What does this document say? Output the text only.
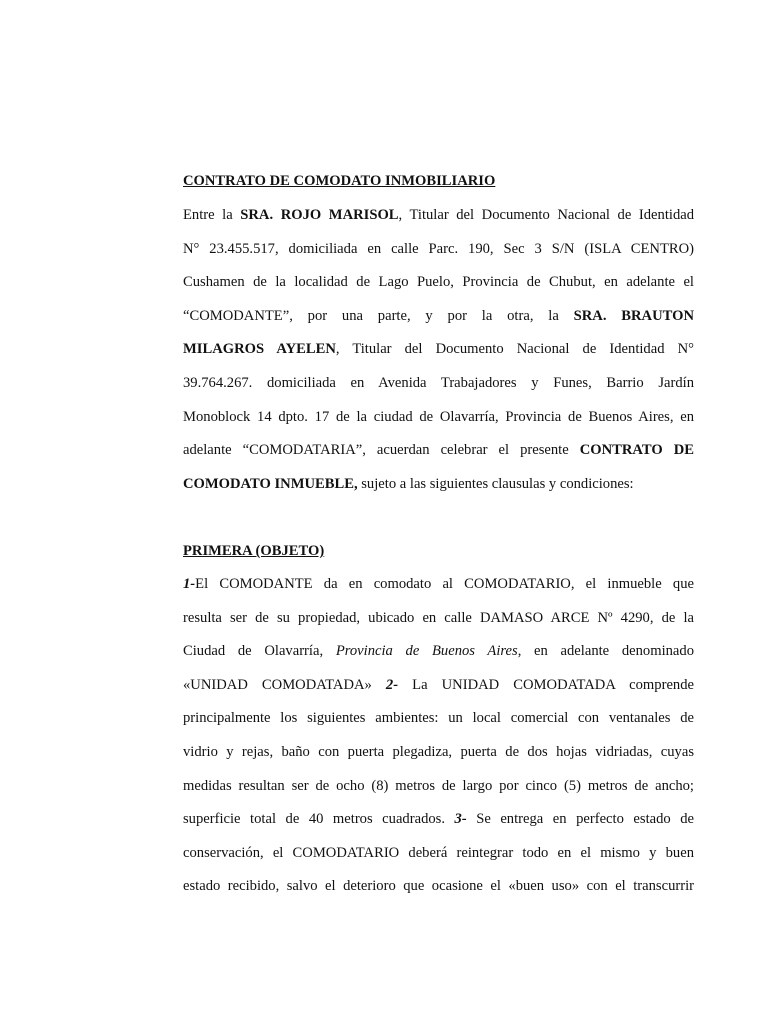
CONTRATO DE COMODATO INMOBILIARIO
Entre la SRA. ROJO MARISOL, Titular del Documento Nacional de Identidad
N° 23.455.517, domiciliada en calle Parc. 190, Sec 3 S/N (ISLA CENTRO)
Cushamen de la localidad de Lago Puelo, Provincia de Chubut, en adelante el
“COMODANTE”, por una parte, y por la otra, la SRA. BRAUTON
MILAGROS AYELEN, Titular del Documento Nacional de Identidad N°
39.764.267. domiciliada en Avenida Trabajadores y Funes, Barrio Jardín
Monoblock 14 dpto. 17 de la ciudad de Olavarría, Provincia de Buenos Aires, en
adelante “COMODATARIA”, acuerdan celebrar el presente CONTRATO DE
COMODATO INMUEBLE, sujeto a las siguientes clausulas y condiciones:
PRIMERA (OBJETO)
1-El COMODANTE da en comodato al COMODATARIO, el inmueble que
resulta ser de su propiedad, ubicado en calle DAMASO ARCE Nº 4290, de la
Ciudad de Olavarría, Provincia de Buenos Aires, en adelante denominado
«UNIDAD COMODATADA» 2- La UNIDAD COMODATADA comprende
principalmente los siguientes ambientes: un local comercial con ventanales de
vidrio y rejas, baño con puerta plegadiza, puerta de dos hojas vidriadas, cuyas
medidas resultan ser de ocho (8) metros de largo por cinco (5) metros de ancho;
superficie total de 40 metros cuadrados. 3- Se entrega en perfecto estado de
conservación, el COMODATARIO deberá reintegrar todo en el mismo y buen
estado recibido, salvo el deterioro que ocasione el «buen uso» con el transcurrir
